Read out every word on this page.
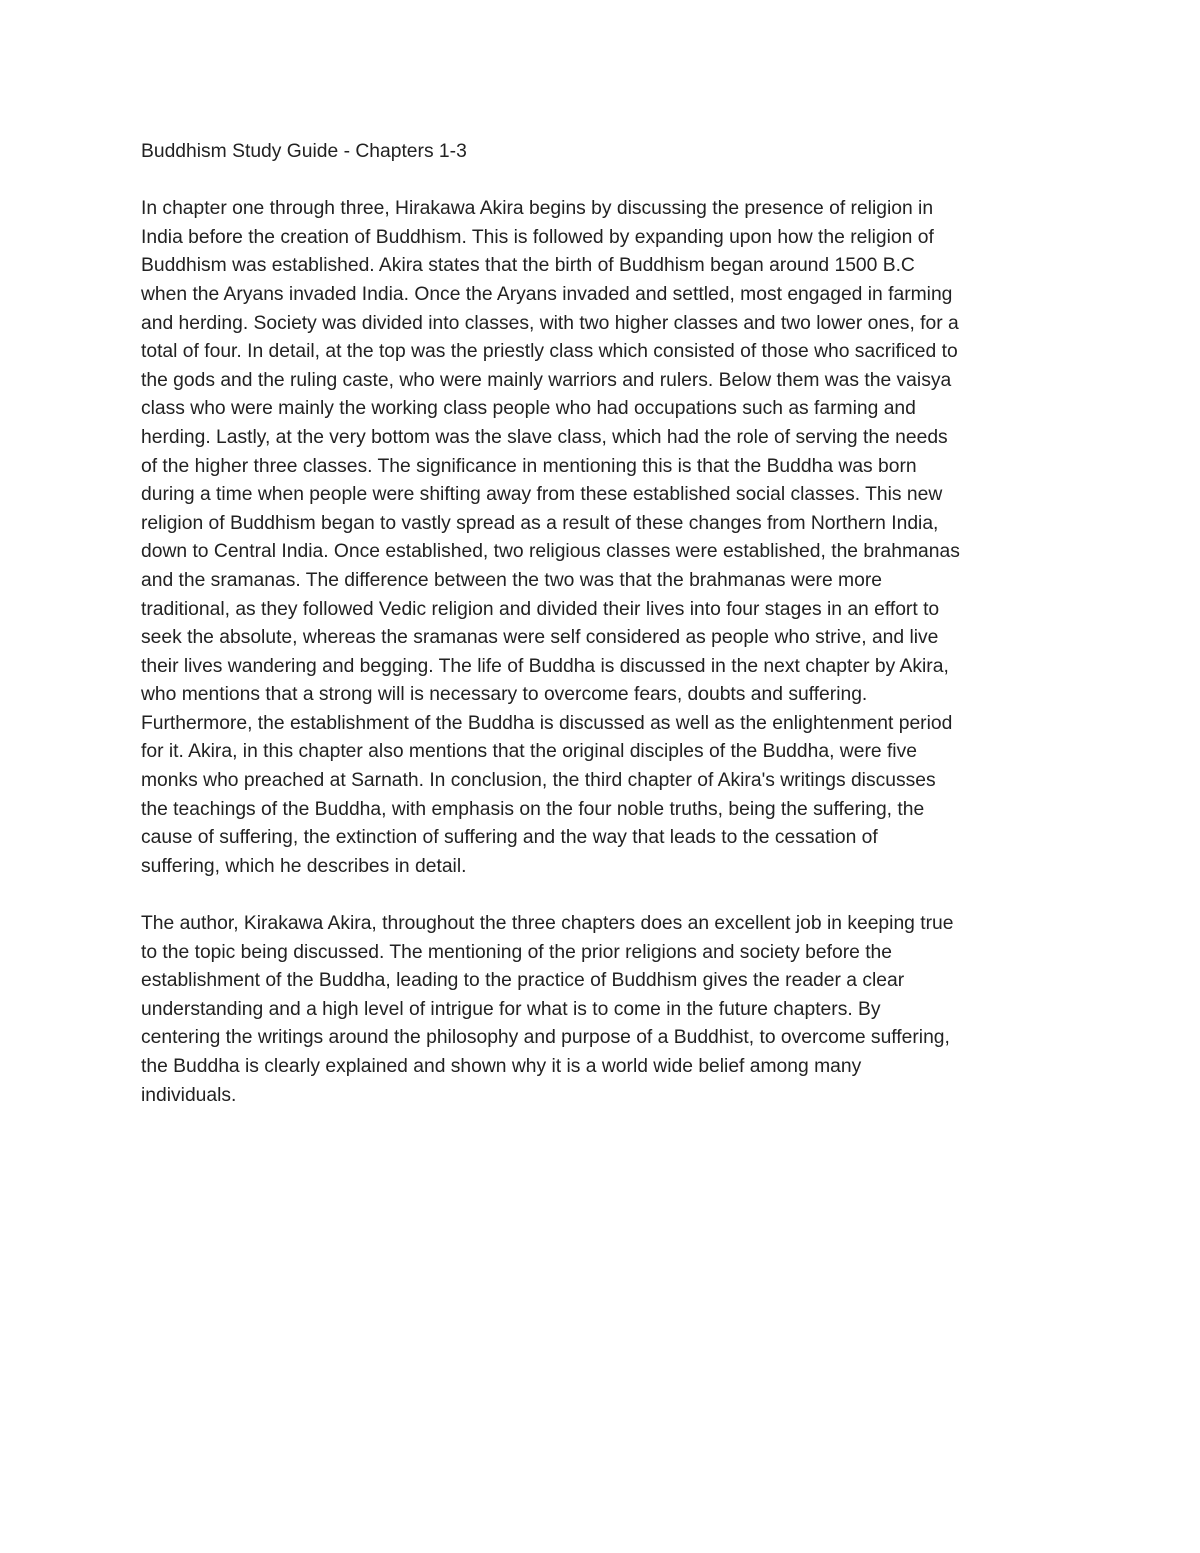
Buddhism Study Guide - Chapters 1-3
In chapter one through three, Hirakawa Akira begins by discussing the presence of religion in
India before the creation of Buddhism. This is followed by expanding upon how the religion of
Buddhism was established. Akira states that the birth of Buddhism began around 1500 B.C
when the Aryans invaded India. Once the Aryans invaded and settled, most engaged in farming
and herding. Society was divided into classes, with two higher classes and two lower ones, for a
total of four. In detail, at the top was the priestly class which consisted of those who sacrificed to
the gods and the ruling caste, who were mainly warriors and rulers. Below them was the vaisya
class who were mainly the working class people who had occupations such as farming and
herding. Lastly, at the very bottom was the slave class, which had the role of serving the needs
of the higher three classes. The significance in mentioning this is that the Buddha was born
during a time when people were shifting away from these established social classes. This new
religion of Buddhism began to vastly spread as a result of these changes from Northern India,
down to Central India. Once established, two religious classes were established, the brahmanas
and the sramanas. The difference between the two was that the brahmanas were more
traditional, as they followed Vedic religion and divided their lives into four stages in an effort to
seek the absolute, whereas the sramanas were self considered as people who strive, and live
their lives wandering and begging. The life of Buddha is discussed in the next chapter by Akira,
who mentions that a strong will is necessary to overcome fears, doubts and suffering.
Furthermore, the establishment of the Buddha is discussed as well as the enlightenment period
for it. Akira, in this chapter also mentions that the original disciples of the Buddha, were five
monks who preached at Sarnath. In conclusion, the third chapter of Akira's writings discusses
the teachings of the Buddha, with emphasis on the four noble truths, being the suffering, the
cause of suffering, the extinction of suffering and the way that leads to the cessation of
suffering, which he describes in detail.
The author, Kirakawa Akira, throughout the three chapters does an excellent job in keeping true
to the topic being discussed. The mentioning of the prior religions and society before the
establishment of the Buddha, leading to the practice of Buddhism gives the reader a clear
understanding and a high level of intrigue for what is to come in the future chapters. By
centering the writings around the philosophy and purpose of a Buddhist, to overcome suffering,
the Buddha is clearly explained and shown why it is a world wide belief among many
individuals.
